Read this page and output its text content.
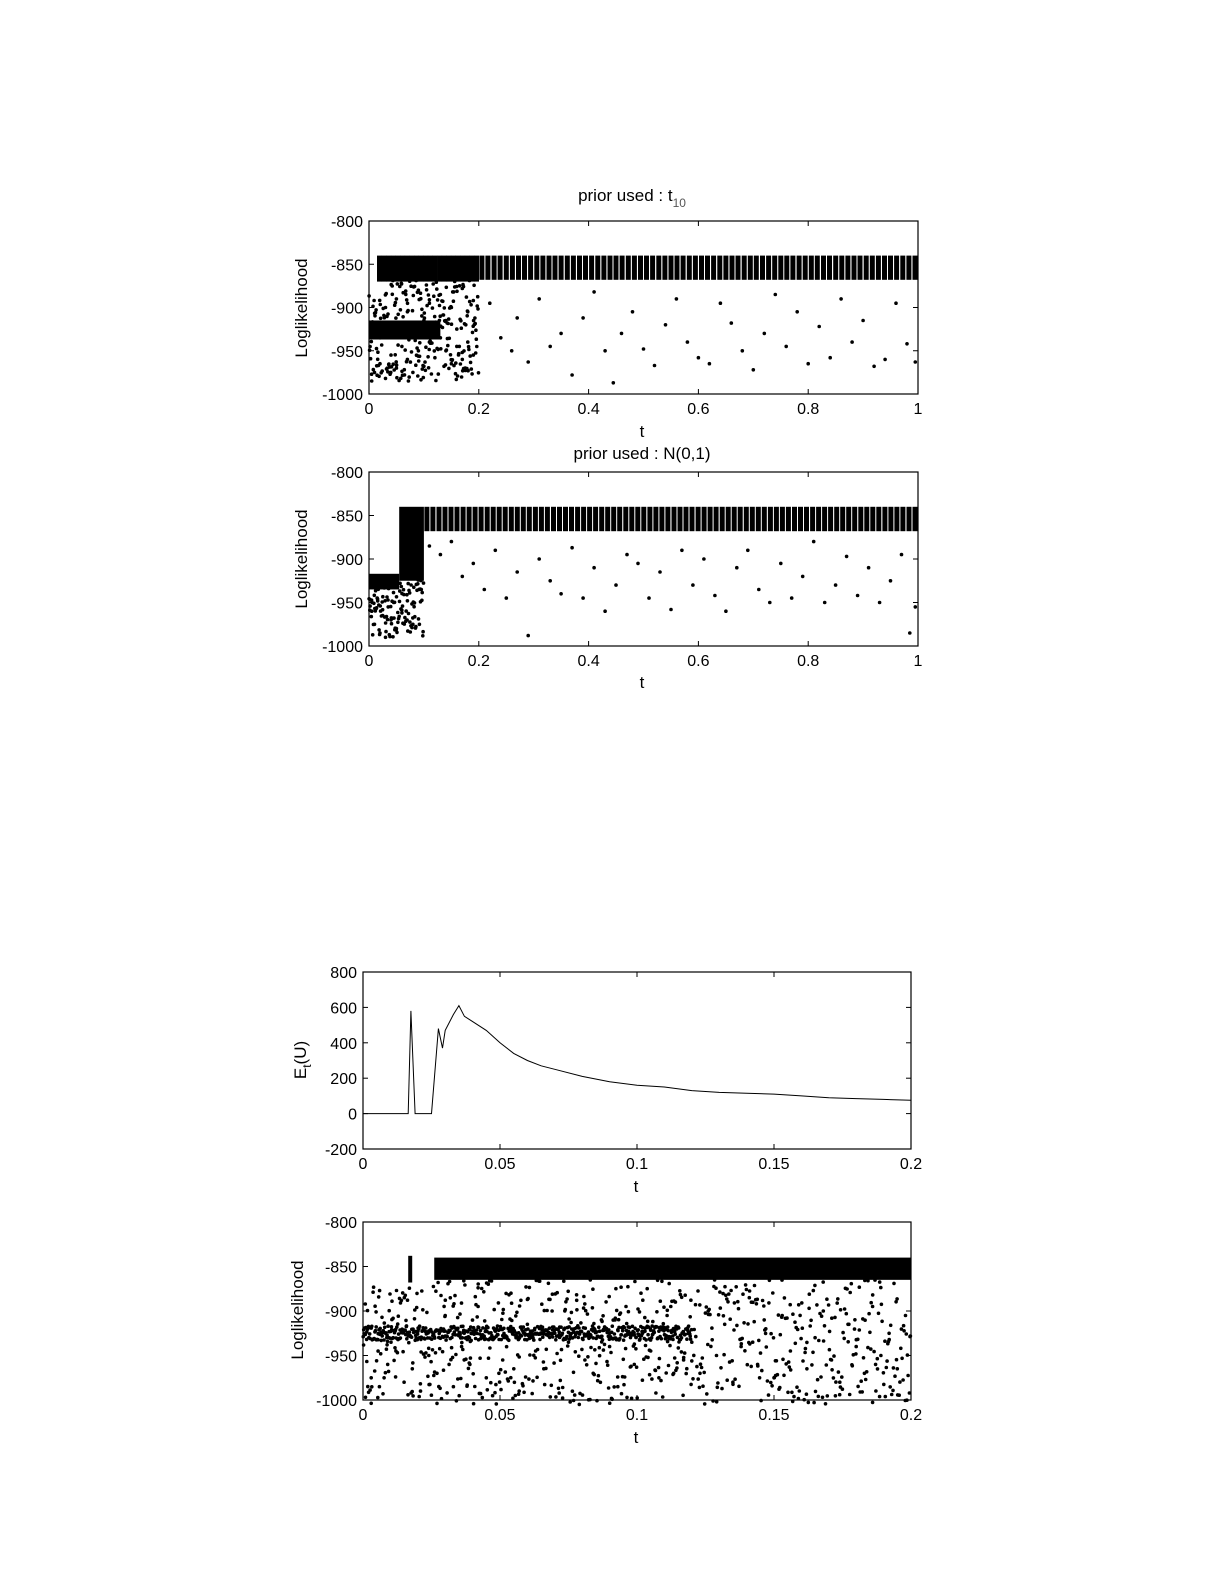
prior used : $t_{10}$
Loglikelihood
t
0	0.2	0.4	0.6	0.8	1
-800
-850
-900
-950
-1000
prior used : N(0,1)
Loglikelihood
t
0	0.2	0.4	0.6	0.8	1
-800
-850
-900
-950
-1000
$E_t(U)$
t
0	0.05	0.1	0.15	0.2
800
600
400
200
0
-200
Loglikelihood
t
0	0.05	0.1	0.15	0.2
-800
-850
-900
-950
-1000
